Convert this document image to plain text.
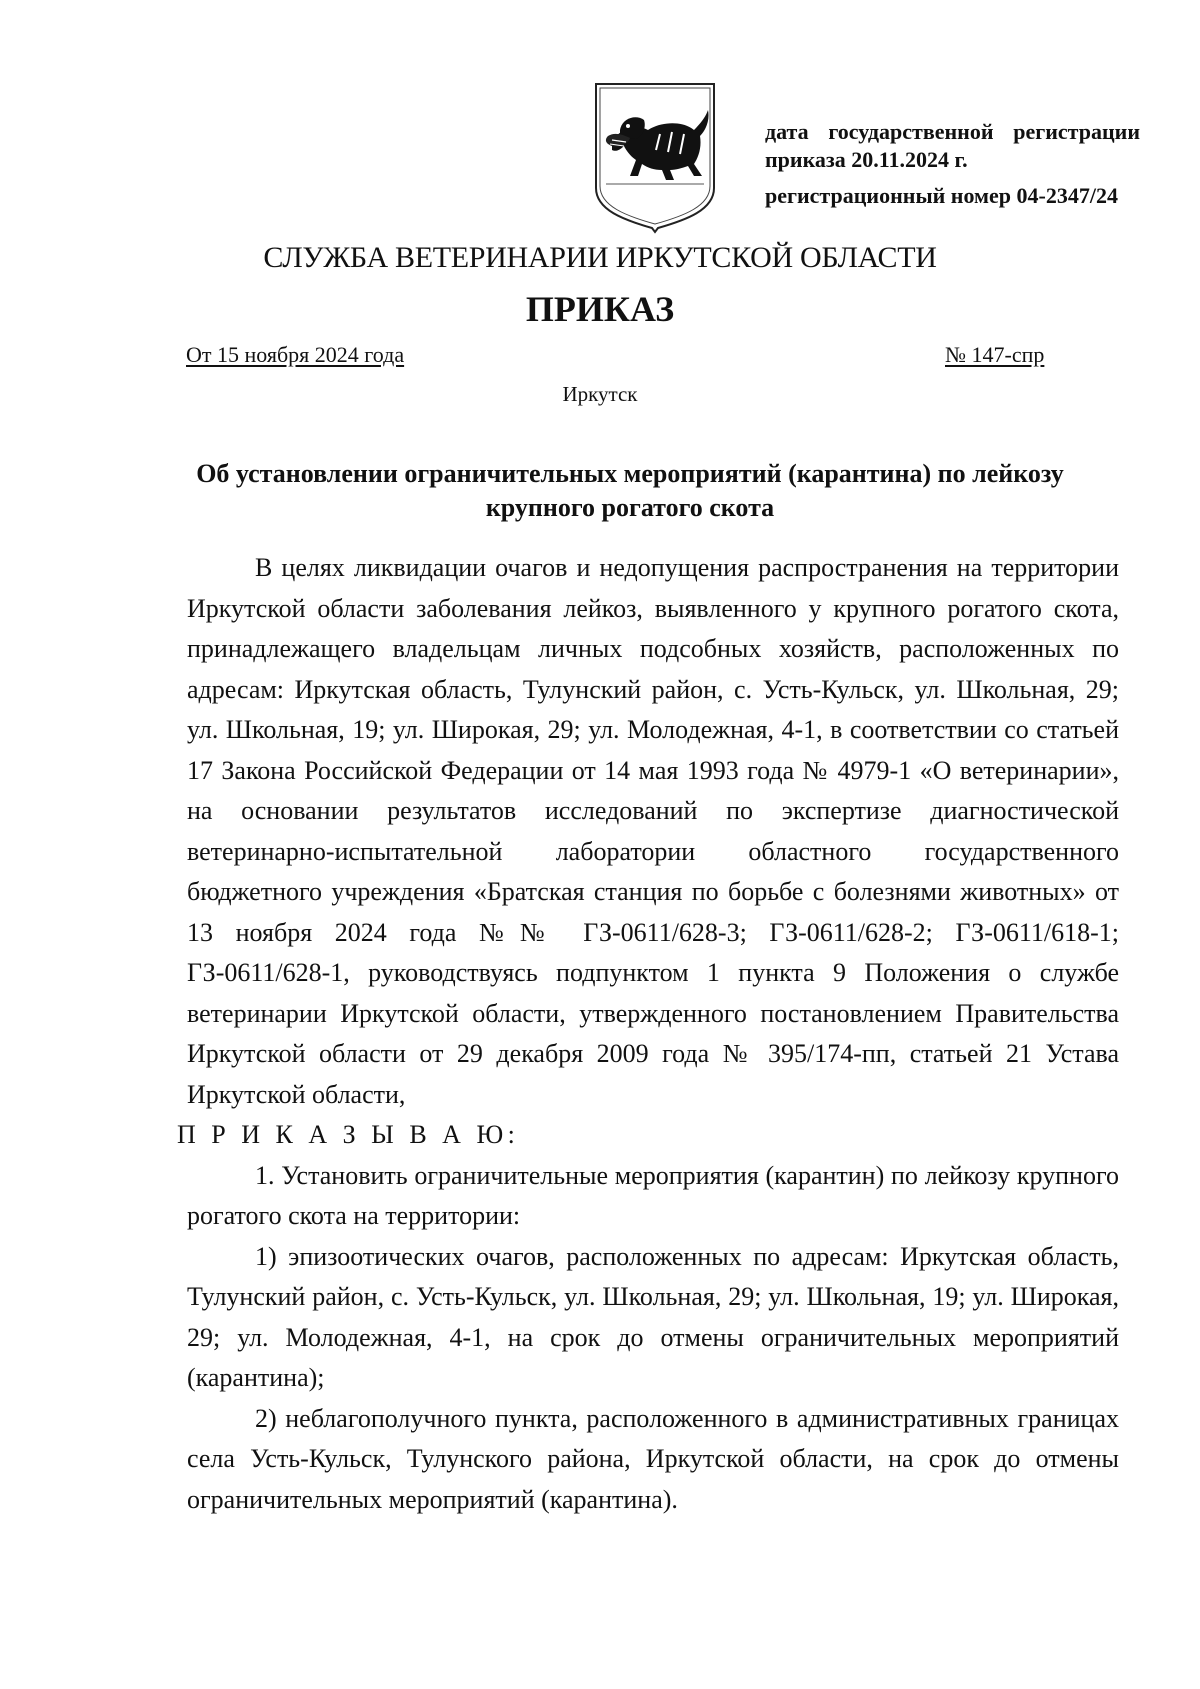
дата государственной регистрации
приказа 20.11.2024 г.
регистрационный номер 04-2347/24
СЛУЖБА ВЕТЕРИНАРИИ ИРКУТСКОЙ ОБЛАСТИ
ПРИКАЗ
От 15 ноября 2024 года	№ 147-спр
Иркутск
Об установлении ограничительных мероприятий (карантина) по лейкозу крупного рогатого скота

В целях ликвидации очагов и недопущения распространения на территории Иркутской области заболевания лейкоз, выявленного у крупного рогатого скота, принадлежащего владельцам личных подсобных хозяйств, расположенных по адресам: Иркутская область, Тулунский район, с. Усть-Кульск, ул. Школьная, 29; ул. Школьная, 19; ул. Широкая, 29; ул. Молодежная, 4-1, в соответствии со статьей 17 Закона Российской Федерации от 14 мая 1993 года № 4979-1 «О ветеринарии», на основании результатов исследований по экспертизе диагностической ветеринарно-испытательной лаборатории областного государственного бюджетного учреждения «Братская станция по борьбе с болезнями животных» от 13 ноября 2024 года №№ ГЗ-0611/628-3; ГЗ-0611/628-2; ГЗ-0611/618-1; ГЗ-0611/628-1, руководствуясь подпунктом 1 пункта 9 Положения о службе ветеринарии Иркутской области, утвержденного постановлением Правительства Иркутской области от 29 декабря 2009 года № 395/174-пп, статьей 21 Устава Иркутской области,

П Р И К А З Ы В А Ю:

1. Установить ограничительные мероприятия (карантин) по лейкозу крупного рогатого скота на территории:

1) эпизоотических очагов, расположенных по адресам: Иркутская область, Тулунский район, с. Усть-Кульск, ул. Школьная, 29; ул. Школьная, 19; ул. Широкая, 29; ул. Молодежная, 4-1, на срок до отмены ограничительных мероприятий (карантина);

2) неблагополучного пункта, расположенного в административных границах села Усть-Кульск, Тулунского района, Иркутской области, на срок до отмены ограничительных мероприятий (карантина).
